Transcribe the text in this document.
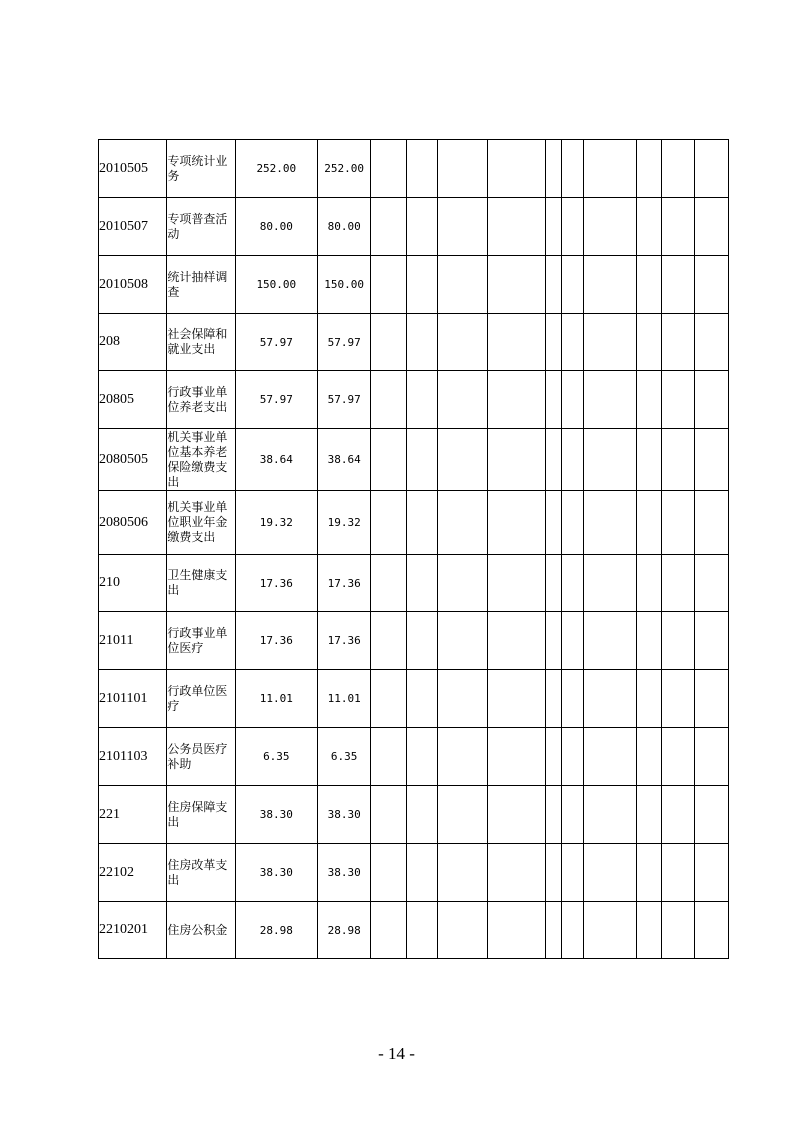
2010505	专项统计业务	252.00	252.00										
2010507	专项普查活动	80.00	80.00										
2010508	统计抽样调查	150.00	150.00										
208	社会保障和就业支出	57.97	57.97										
20805	行政事业单位养老支出	57.97	57.97										
2080505	机关事业单位基本养老保险缴费支出	38.64	38.64										
2080506	机关事业单位职业年金缴费支出	19.32	19.32										
210	卫生健康支出	17.36	17.36										
21011	行政事业单位医疗	17.36	17.36										
2101101	行政单位医疗	11.01	11.01										
2101103	公务员医疗补助	6.35	6.35										
221	住房保障支出	38.30	38.30										
22102	住房改革支出	38.30	38.30										
2210201	住房公积金	28.98	28.98										
- 14 -
